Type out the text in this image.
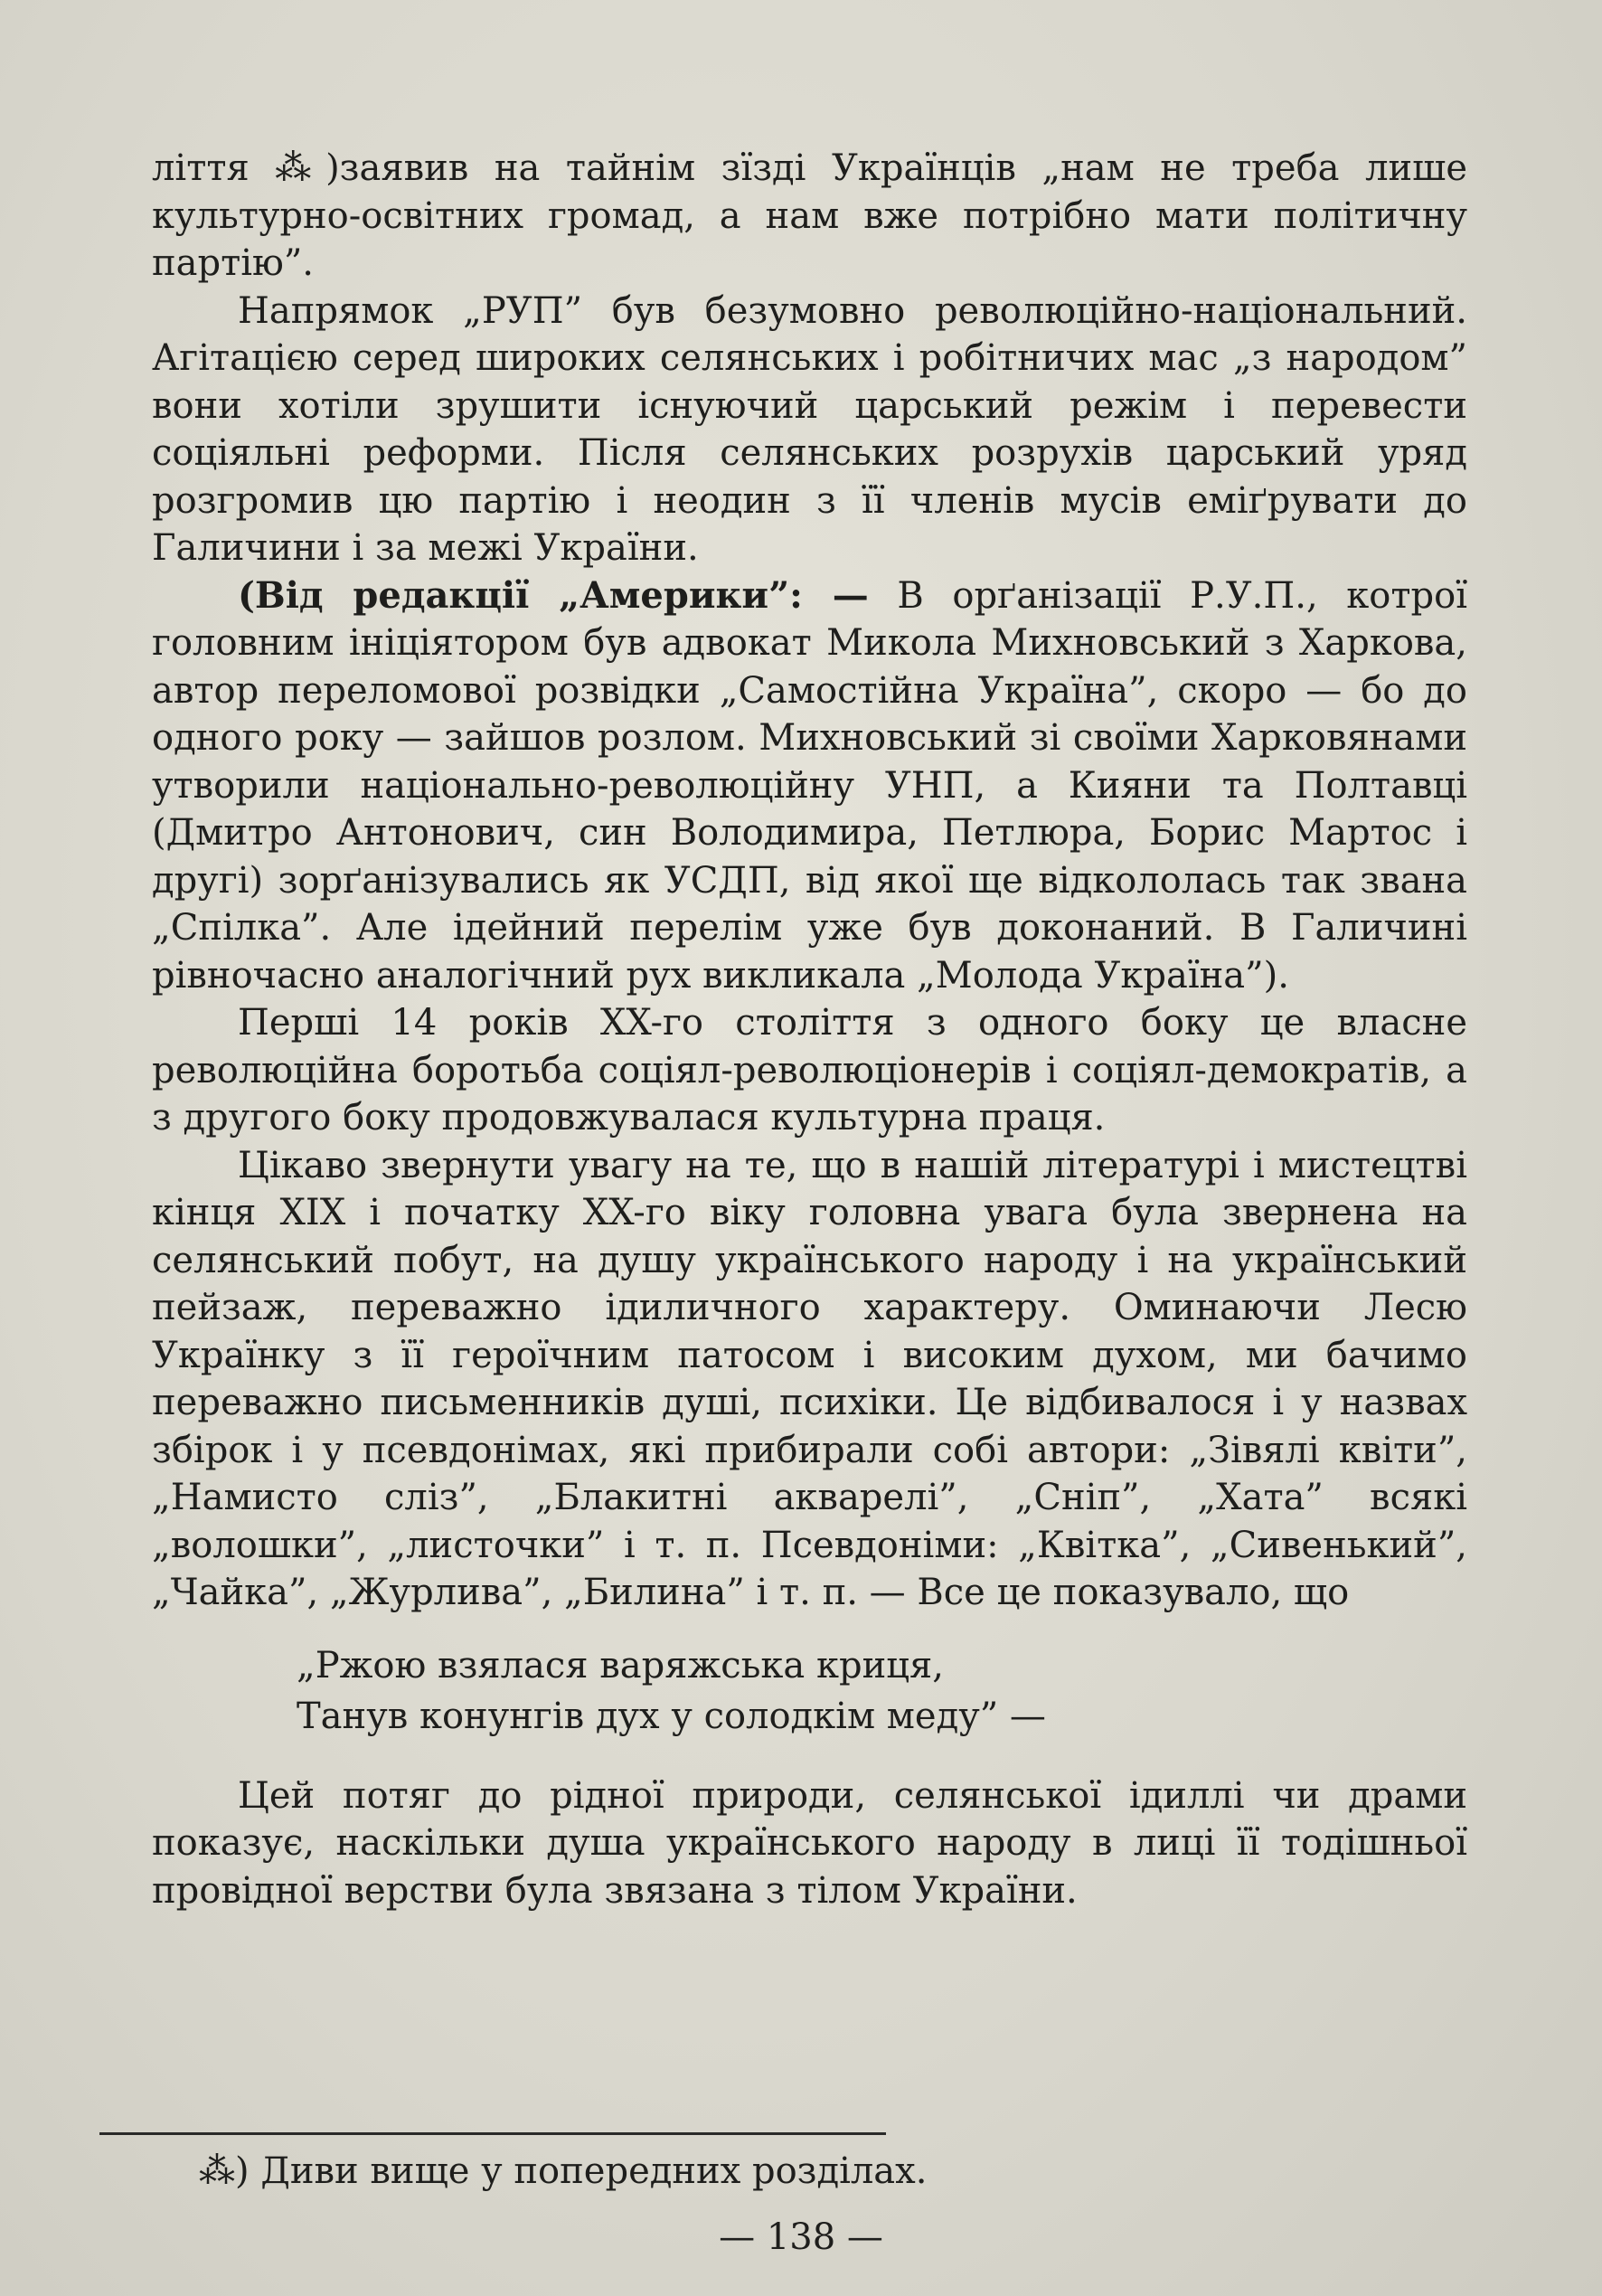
ліття ⁂)заявив на тайнім зїзді Українців „нам не треба лише культурно-освітних громад, а нам вже потрібно мати політичну партію”.

Напрямок „РУП” був безумовно революційно-національний. Агітацією серед широких селянських і робітничих мас „з народом” вони хотіли зрушити існуючий царський режім і перевести соціяльні реформи. Після селянських розрухів царський уряд розгромив цю партію і неодин з її членів мусів еміґрувати до Галичини і за межі України.

(Від редакції „Америки”: — В орґанізації Р.У.П., котрої головним ініціятором був адвокат Микола Михновський з Харкова, автор переломової розвідки „Самостійна Україна”, скоро — бо до одного року — зайшов розлом. Михновський зі своїми Харковянами утворили національно-революційну УНП, а Кияни та Полтавці (Дмитро Антонович, син Володимира, Петлюра, Борис Мартос і другі) зорґанізувались як УСДП, від якої ще відкололась так звана „Спілка”. Але ідейний перелім уже був доконаний. В Галичині рівночасно аналогічний рух викликала „Молода Україна”).

Перші 14 років XX-го століття з одного боку це власне революційна боротьба соціял-революціонерів і соціял-демократів, а з другого боку продовжувалася культурна праця.

Цікаво звернути увагу на те, що в нашій літературі і мистецтві кінця XIX і початку XX-го віку головна увага була звернена на селянський побут, на душу українського народу і на український пейзаж, переважно ідиличного характеру. Оминаючи Лесю Українку з її героїчним патосом і високим духом, ми бачимо переважно письменників душі, психіки. Це відбивалося і у назвах збірок і у псевдонімах, які прибирали собі автори: „Зівялі квіти”, „Намисто сліз”, „Блакитні акварелі”, „Сніп”, „Хата” всякі „волошки”, „листочки” і т. п. Псевдоніми: „Квітка”, „Сивенький”, „Чайка”, „Журлива”, „Билина” і т. п. — Все це показувало, що

„Ржою взялася варяжська криця,
Танув конунгів дух у солодкім меду” —

Цей потяг до рідної природи, селянської ідиллі чи драми показує, наскільки душа українського народу в лиці її тодішньої провідної верстви була звязана з тілом України.

⁂) Диви вище у попередних розділах.
— 138 —
